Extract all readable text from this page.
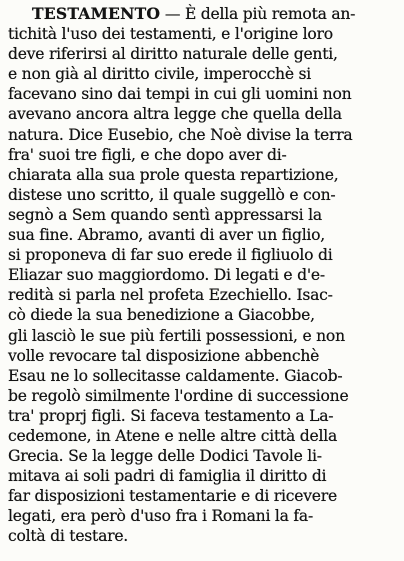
TESTAMENTO — È della più remota an-
tichità l'uso dei testamenti, e l'origine loro
deve riferirsi al diritto naturale delle genti,
e non già al diritto civile, imperocchè si
facevano sino dai tempi in cui gli uomini non
avevano ancora altra legge che quella della
natura. Dice Eusebio, che Noè divise la terra
fra' suoi tre figli, e che dopo aver di-
chiarata alla sua prole questa repartizione,
distese uno scritto, il quale suggellò e con-
segnò a Sem quando sentì appressarsi la
sua fine. Abramo, avanti di aver un figlio,
si proponeva di far suo erede il figliuolo di
Eliazar suo maggiordomo. Di legati e d'e-
redità si parla nel profeta Ezechiello. Isac-
cò diede la sua benedizione a Giacobbe,
gli lasciò le sue più fertili possessioni, e non
volle revocare tal disposizione abbenchè
Esau ne lo sollecitasse caldamente. Giacob-
be regolò similmente l'ordine di successione
tra' proprj figli. Si faceva testamento a La-
cedemone, in Atene e nelle altre città della
Grecia. Se la legge delle Dodici Tavole li-
mitava ai soli padri di famiglia il diritto di
far disposizioni testamentarie e di ricevere
legati, era però d'uso fra i Romani la fa-
coltà di testare.
